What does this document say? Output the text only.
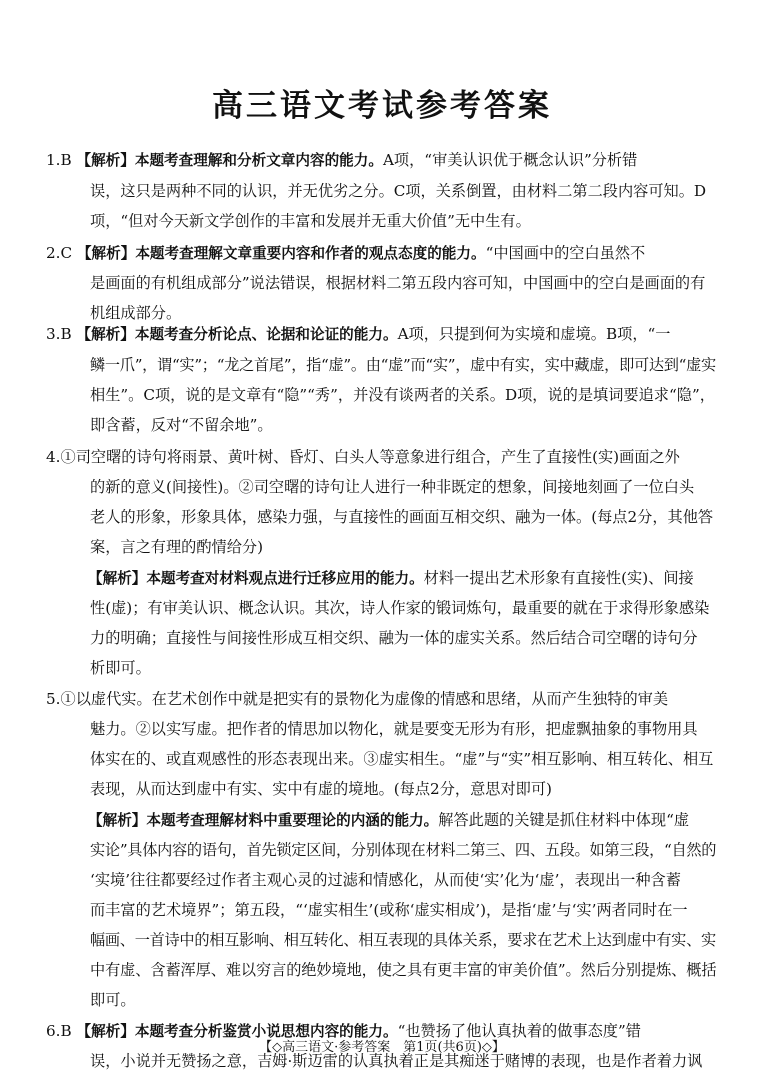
高三语文考试参考答案
1.B 【解析】本题考查理解和分析文章内容的能力。A项，“审美认识优于概念认识”分析错
误，这只是两种不同的认识，并无优劣之分。C项，关系倒置，由材料二第二段内容可知。D
项，“但对今天新文学创作的丰富和发展并无重大价值”无中生有。
2.C 【解析】本题考查理解文章重要内容和作者的观点态度的能力。“中国画中的空白虽然不
是画面的有机组成部分”说法错误，根据材料二第五段内容可知，中国画中的空白是画面的有
机组成部分。
3.B 【解析】本题考查分析论点、论据和论证的能力。A项，只提到何为实境和虚境。B项，“一
鳞一爪”，谓“实”；“龙之首尾”，指“虚”。由“虚”而“实”，虚中有实，实中藏虚，即可达到“虚实
相生”。C项，说的是文章有“隐”“秀”，并没有谈两者的关系。D项，说的是填词要追求“隐”，
即含蓄，反对“不留余地”。
4.①司空曙的诗句将雨景、黄叶树、昏灯、白头人等意象进行组合，产生了直接性(实)画面之外
的新的意义(间接性)。②司空曙的诗句让人进行一种非既定的想象，间接地刻画了一位白头
老人的形象，形象具体，感染力强，与直接性的画面互相交织、融为一体。(每点2分，其他答
案，言之有理的酌情给分)
【解析】本题考查对材料观点进行迁移应用的能力。材料一提出艺术形象有直接性(实)、间接
性(虚)；有审美认识、概念认识。其次，诗人作家的锻词炼句，最重要的就在于求得形象感染
力的明确；直接性与间接性形成互相交织、融为一体的虚实关系。然后结合司空曙的诗句分
析即可。
5.①以虚代实。在艺术创作中就是把实有的景物化为虚像的情感和思绪，从而产生独特的审美
魅力。②以实写虚。把作者的情思加以物化，就是要变无形为有形，把虚飘抽象的事物用具
体实在的、或直观感性的形态表现出来。③虚实相生。“虚”与“实”相互影响、相互转化、相互
表现，从而达到虚中有实、实中有虚的境地。(每点2分，意思对即可)
【解析】本题考查理解材料中重要理论的内涵的能力。解答此题的关键是抓住材料中体现“虚
实论”具体内容的语句，首先锁定区间，分别体现在材料二第三、四、五段。如第三段，“自然的
‘实境’往往都要经过作者主观心灵的过滤和情感化，从而使‘实’化为‘虚’，表现出一种含蓄
而丰富的艺术境界”；第五段，“‘虚实相生’(或称‘虚实相成’)，是指‘虚’与‘实’两者同时在一
幅画、一首诗中的相互影响、相互转化、相互表现的具体关系，要求在艺术上达到虚中有实、实
中有虚、含蓄浑厚、难以穷言的绝妙境地，使之具有更丰富的审美价值”。然后分别提炼、概括
即可。
6.B 【解析】本题考查分析鉴赏小说思想内容的能力。“也赞扬了他认真执着的做事态度”错
误，小说并无赞扬之意，吉姆·斯迈雷的认真执着正是其痴迷于赌博的表现，也是作者着力讽
【◇高三语文·参考答案　第1页(共6页)◇】
